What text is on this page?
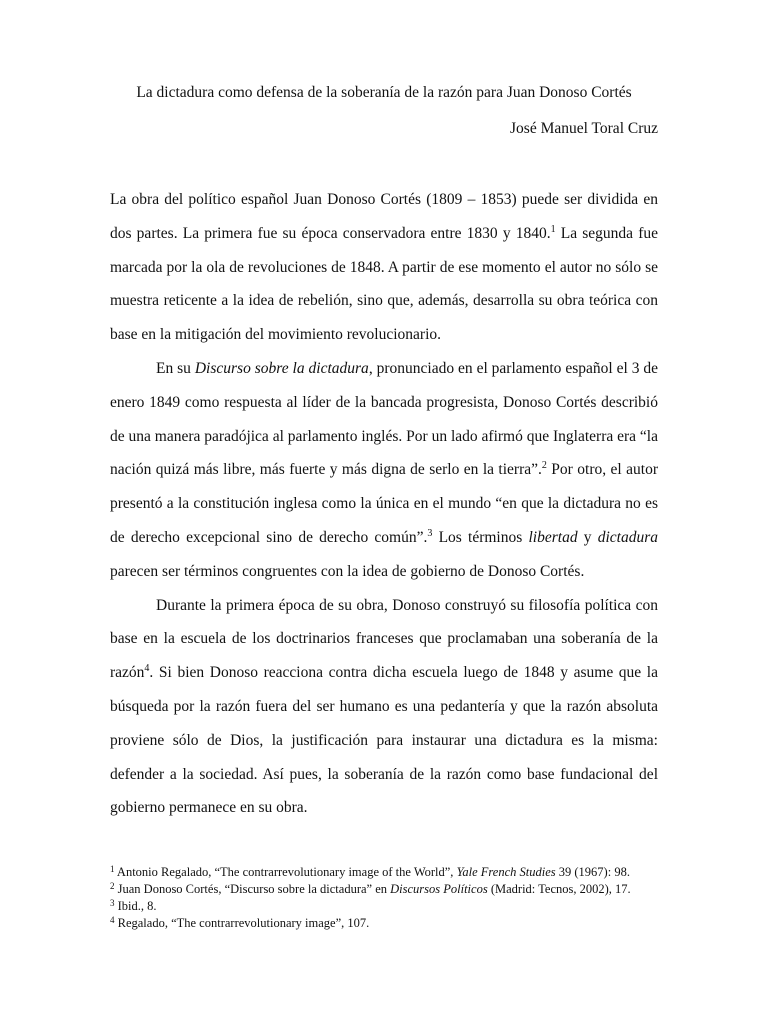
La dictadura como defensa de la soberanía de la razón para Juan Donoso Cortés
José Manuel Toral Cruz

La obra del político español Juan Donoso Cortés (1809 – 1853) puede ser dividida en dos partes. La primera fue su época conservadora entre 1830 y 1840.$^1$ La segunda fue marcada por la ola de revoluciones de 1848. A partir de ese momento el autor no sólo se muestra reticente a la idea de rebelión, sino que, además, desarrolla su obra teórica con base en la mitigación del movimiento revolucionario.

En su Discurso sobre la dictadura, pronunciado en el parlamento español el 3 de enero 1849 como respuesta al líder de la bancada progresista, Donoso Cortés describió de una manera paradójica al parlamento inglés. Por un lado afirmó que Inglaterra era “la nación quizá más libre, más fuerte y más digna de serlo en la tierra”.$^2$ Por otro, el autor presentó a la constitución inglesa como la única en el mundo “en que la dictadura no es de derecho excepcional sino de derecho común”.$^3$ Los términos libertad y dictadura parecen ser términos congruentes con la idea de gobierno de Donoso Cortés.

Durante la primera época de su obra, Donoso construyó su filosofía política con base en la escuela de los doctrinarios franceses que proclamaban una soberanía de la razón$^4$. Si bien Donoso reacciona contra dicha escuela luego de 1848 y asume que la búsqueda por la razón fuera del ser humano es una pedantería y que la razón absoluta proviene sólo de Dios, la justificación para instaurar una dictadura es la misma: defender a la sociedad. Así pues, la soberanía de la razón como base fundacional del gobierno permanece en su obra.

$^1$ Antonio Regalado, “The contrarrevolutionary image of the World”, Yale French Studies 39 (1967): 98.
$^2$ Juan Donoso Cortés, “Discurso sobre la dictadura” en Discursos Políticos (Madrid: Tecnos, 2002), 17.
$^3$ Ibid., 8.
$^4$ Regalado, “The contrarrevolutionary image”, 107.
